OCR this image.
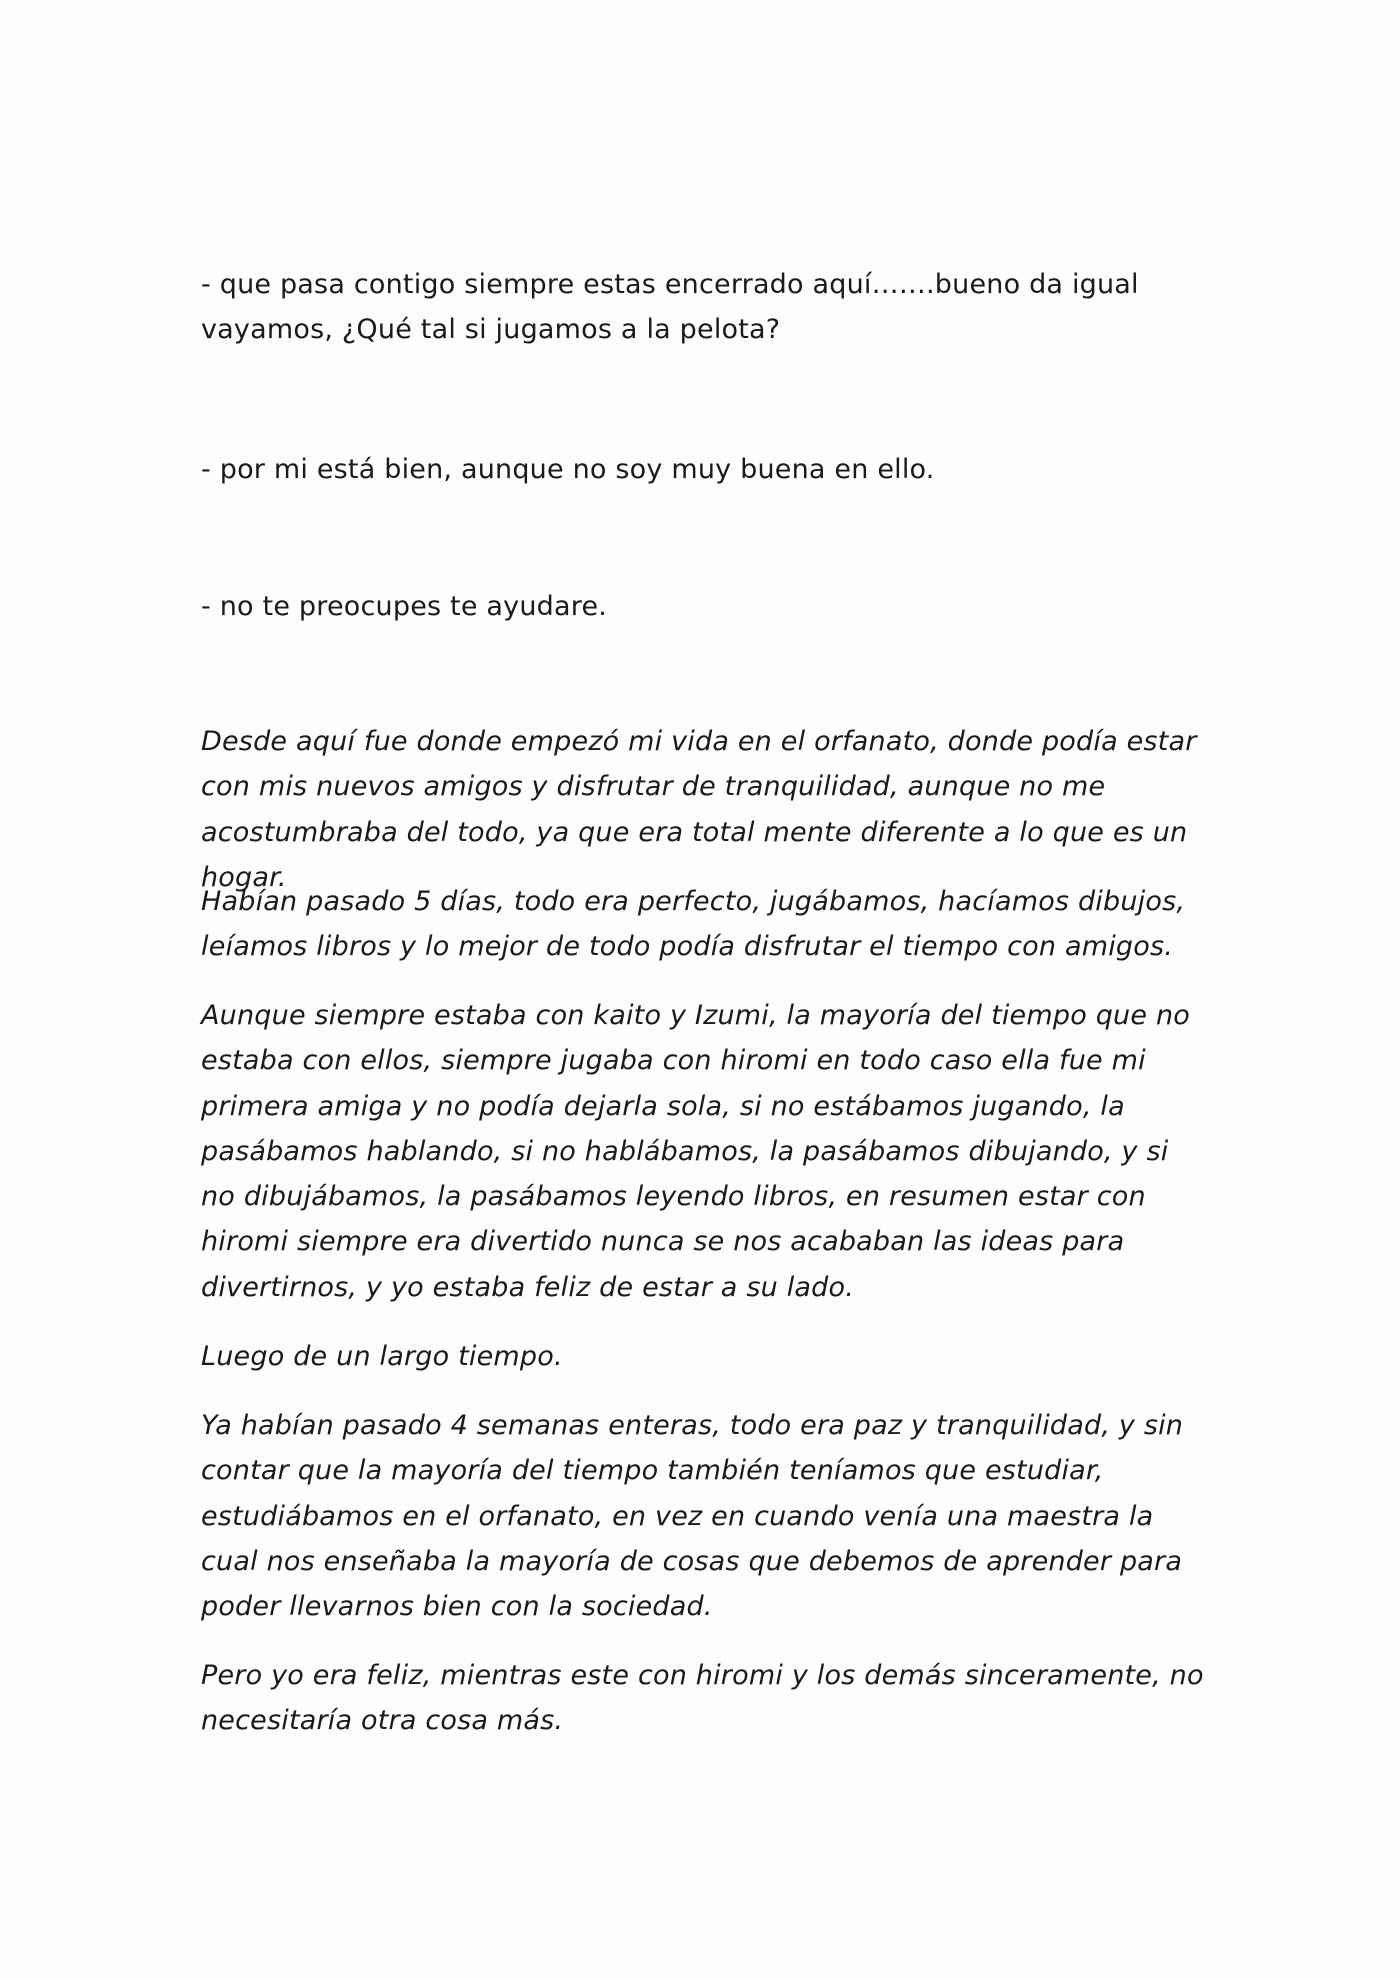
- que pasa contigo siempre estas encerrado aquí…….bueno da igual vayamos, ¿Qué tal si jugamos a la pelota?

- por mi está bien, aunque no soy muy buena en ello.

- no te preocupes te ayudare.

Desde aquí fue donde empezó mi vida en el orfanato, donde podía estar con mis nuevos amigos y disfrutar de tranquilidad, aunque no me acostumbraba del todo, ya que era total mente diferente a lo que es un hogar.

Habían pasado 5 días, todo era perfecto, jugábamos, hacíamos dibujos, leíamos libros y lo mejor de todo podía disfrutar el tiempo con amigos.

Aunque siempre estaba con kaito y Izumi, la mayoría del tiempo que no estaba con ellos, siempre jugaba con hiromi en todo caso ella fue mi primera amiga y no podía dejarla sola, si no estábamos jugando, la pasábamos hablando, si no hablábamos, la pasábamos dibujando, y si no dibujábamos, la pasábamos leyendo libros, en resumen estar con hiromi siempre era divertido nunca se nos acababan las ideas para divertirnos, y yo estaba feliz de estar a su lado.

Luego de un largo tiempo.

Ya habían pasado 4 semanas enteras, todo era paz y tranquilidad, y sin contar que la mayoría del tiempo también teníamos que estudiar, estudiábamos en el orfanato, en vez en cuando venía una maestra la cual nos enseñaba la mayoría de cosas que debemos de aprender para poder llevarnos bien con la sociedad.

Pero yo era feliz, mientras este con hiromi y los demás sinceramente, no necesitaría otra cosa más.
